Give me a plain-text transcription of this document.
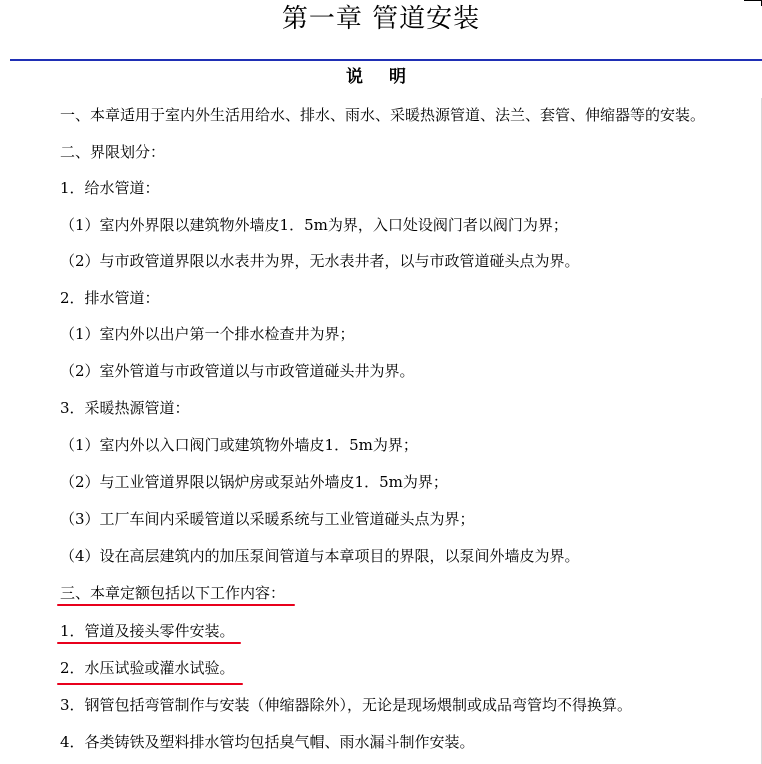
第一章 管道安装
说 明
一、本章适用于室内外生活用给水、排水、雨水、采暖热源管道、法兰、套管、伸缩器等的安装。
二、界限划分：
1．给水管道：
（1）室内外界限以建筑物外墙皮1．5m为界，入口处设阀门者以阀门为界；
（2）与市政管道界限以水表井为界，无水表井者，以与市政管道碰头点为界。
2．排水管道：
（1）室内外以出户第一个排水检查井为界；
（2）室外管道与市政管道以与市政管道碰头井为界。
3．采暖热源管道：
（1）室内外以入口阀门或建筑物外墙皮1．5m为界；
（2）与工业管道界限以锅炉房或泵站外墙皮1．5m为界；
（3）工厂车间内采暖管道以采暖系统与工业管道碰头点为界；
（4）设在高层建筑内的加压泵间管道与本章项目的界限，以泵间外墙皮为界。
三、本章定额包括以下工作内容：
1．管道及接头零件安装。
2．水压试验或灌水试验。
3．钢管包括弯管制作与安装（伸缩器除外），无论是现场煨制或成品弯管均不得换算。
4．各类铸铁及塑料排水管均包括臭气帽、雨水漏斗制作安装。
